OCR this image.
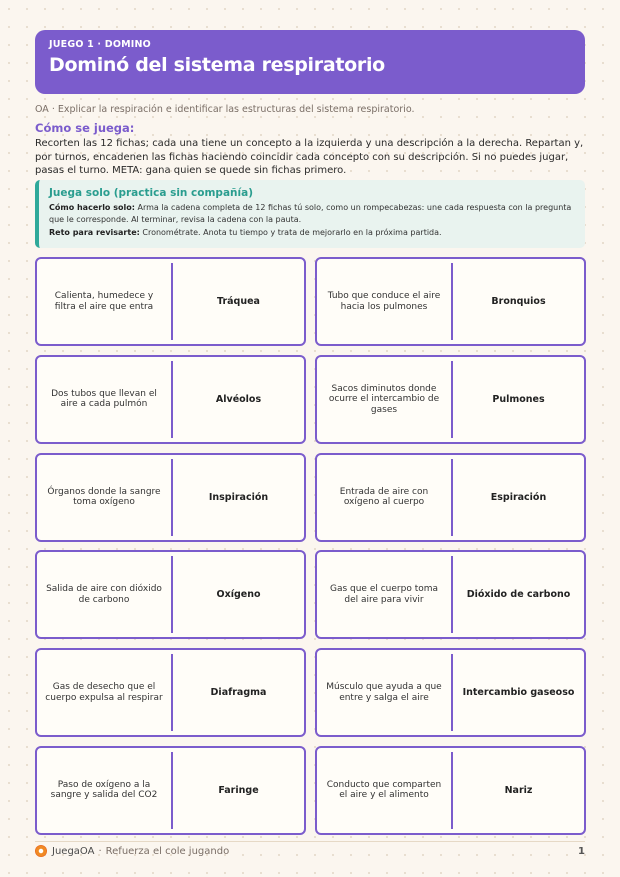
JUEGO 1 · DOMINO
Dominó del sistema respiratorio
OA · Explicar la respiración e identificar las estructuras del sistema respiratorio.
Cómo se juega:
Recorten las 12 fichas; cada una tiene un concepto a la izquierda y una descripción a la derecha. Repartan y, por turnos, encadenen las fichas haciendo coincidir cada concepto con su descripción. Si no puedes jugar, pasas el turno. META: gana quien se quede sin fichas primero.
Juega solo (practica sin compañía)
Cómo hacerlo solo: Arma la cadena completa de 12 fichas tú solo, como un rompecabezas: une cada respuesta con la pregunta que le corresponde. Al terminar, revisa la cadena con la pauta.
Reto para revisarte: Cronométrate. Anota tu tiempo y trata de mejorarlo en la próxima partida.
Calienta, humedece y filtra el aire que entra	Tráquea	Tubo que conduce el aire hacia los pulmones	Bronquios
Dos tubos que llevan el aire a cada pulmón	Alvéolos
Sacos diminutos donde ocurre el intercambio de gases
Pulmones
Órganos donde la sangre toma oxígeno	Inspiración	Entrada de aire con oxígeno al cuerpo	Espiración
Salida de aire con dióxido de carbono	Oxígeno	Gas que el cuerpo toma del aire para vivir	Dióxido de carbono
Gas de desecho que el cuerpo expulsa al respirar	Diafragma	Músculo que ayuda a que entre y salga el aire	Intercambio gaseoso
Paso de oxígeno a la sangre y salida del CO2	Faringe	Conducto que comparten el aire y el alimento	Nariz
JuegaOA · Refuerza el cole jugando	1
